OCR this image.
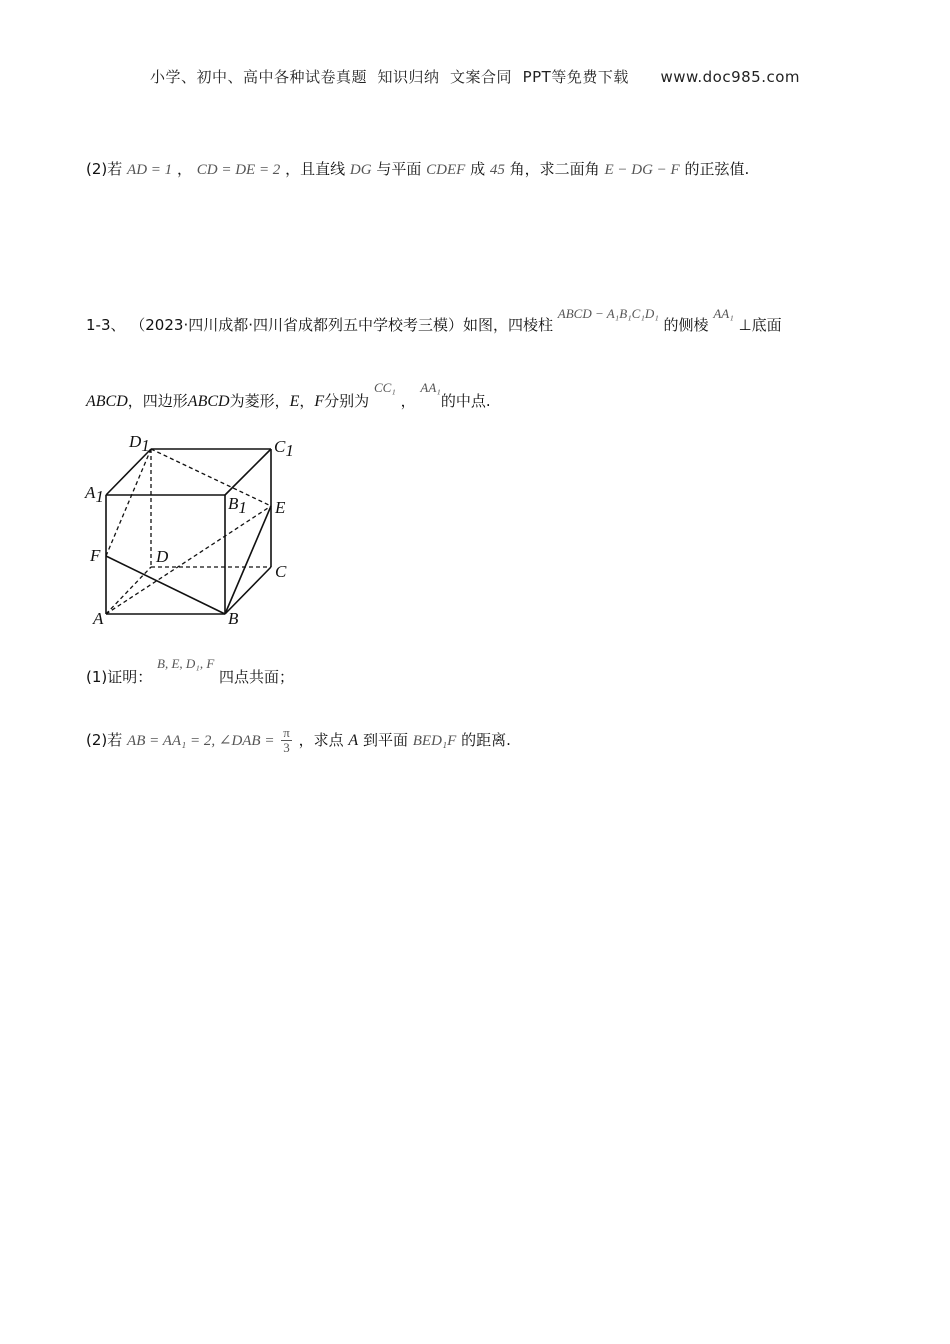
小学、初中、高中各种试卷真题  知识归纳  文案合同  PPT等免费下载      www.doc985.com
(2)若 AD = 1 ， CD = DE = 2 ，且直线 DG 与平面 CDEF 成 45 角，求二面角 E − DG − F 的正弦值.
1-3、 （2023·四川成都·四川省成都列五中学校考三模）如图，四棱柱 ABCD − A₁B₁C₁D₁ 的侧棱 AA₁ ⊥底面
ABCD，四边形ABCD为菱形，E，F分别为 CC₁ ， AA₁的中点.
D1	C1
A1	B1 E
F	D
C
A	B
(1)证明： B, E, D₁, F 四点共面；
(2)若 AB = AA₁ = 2, ∠DAB = $\frac{\pi}{3}$ ，求点 A 到平面 BED₁F 的距离.
